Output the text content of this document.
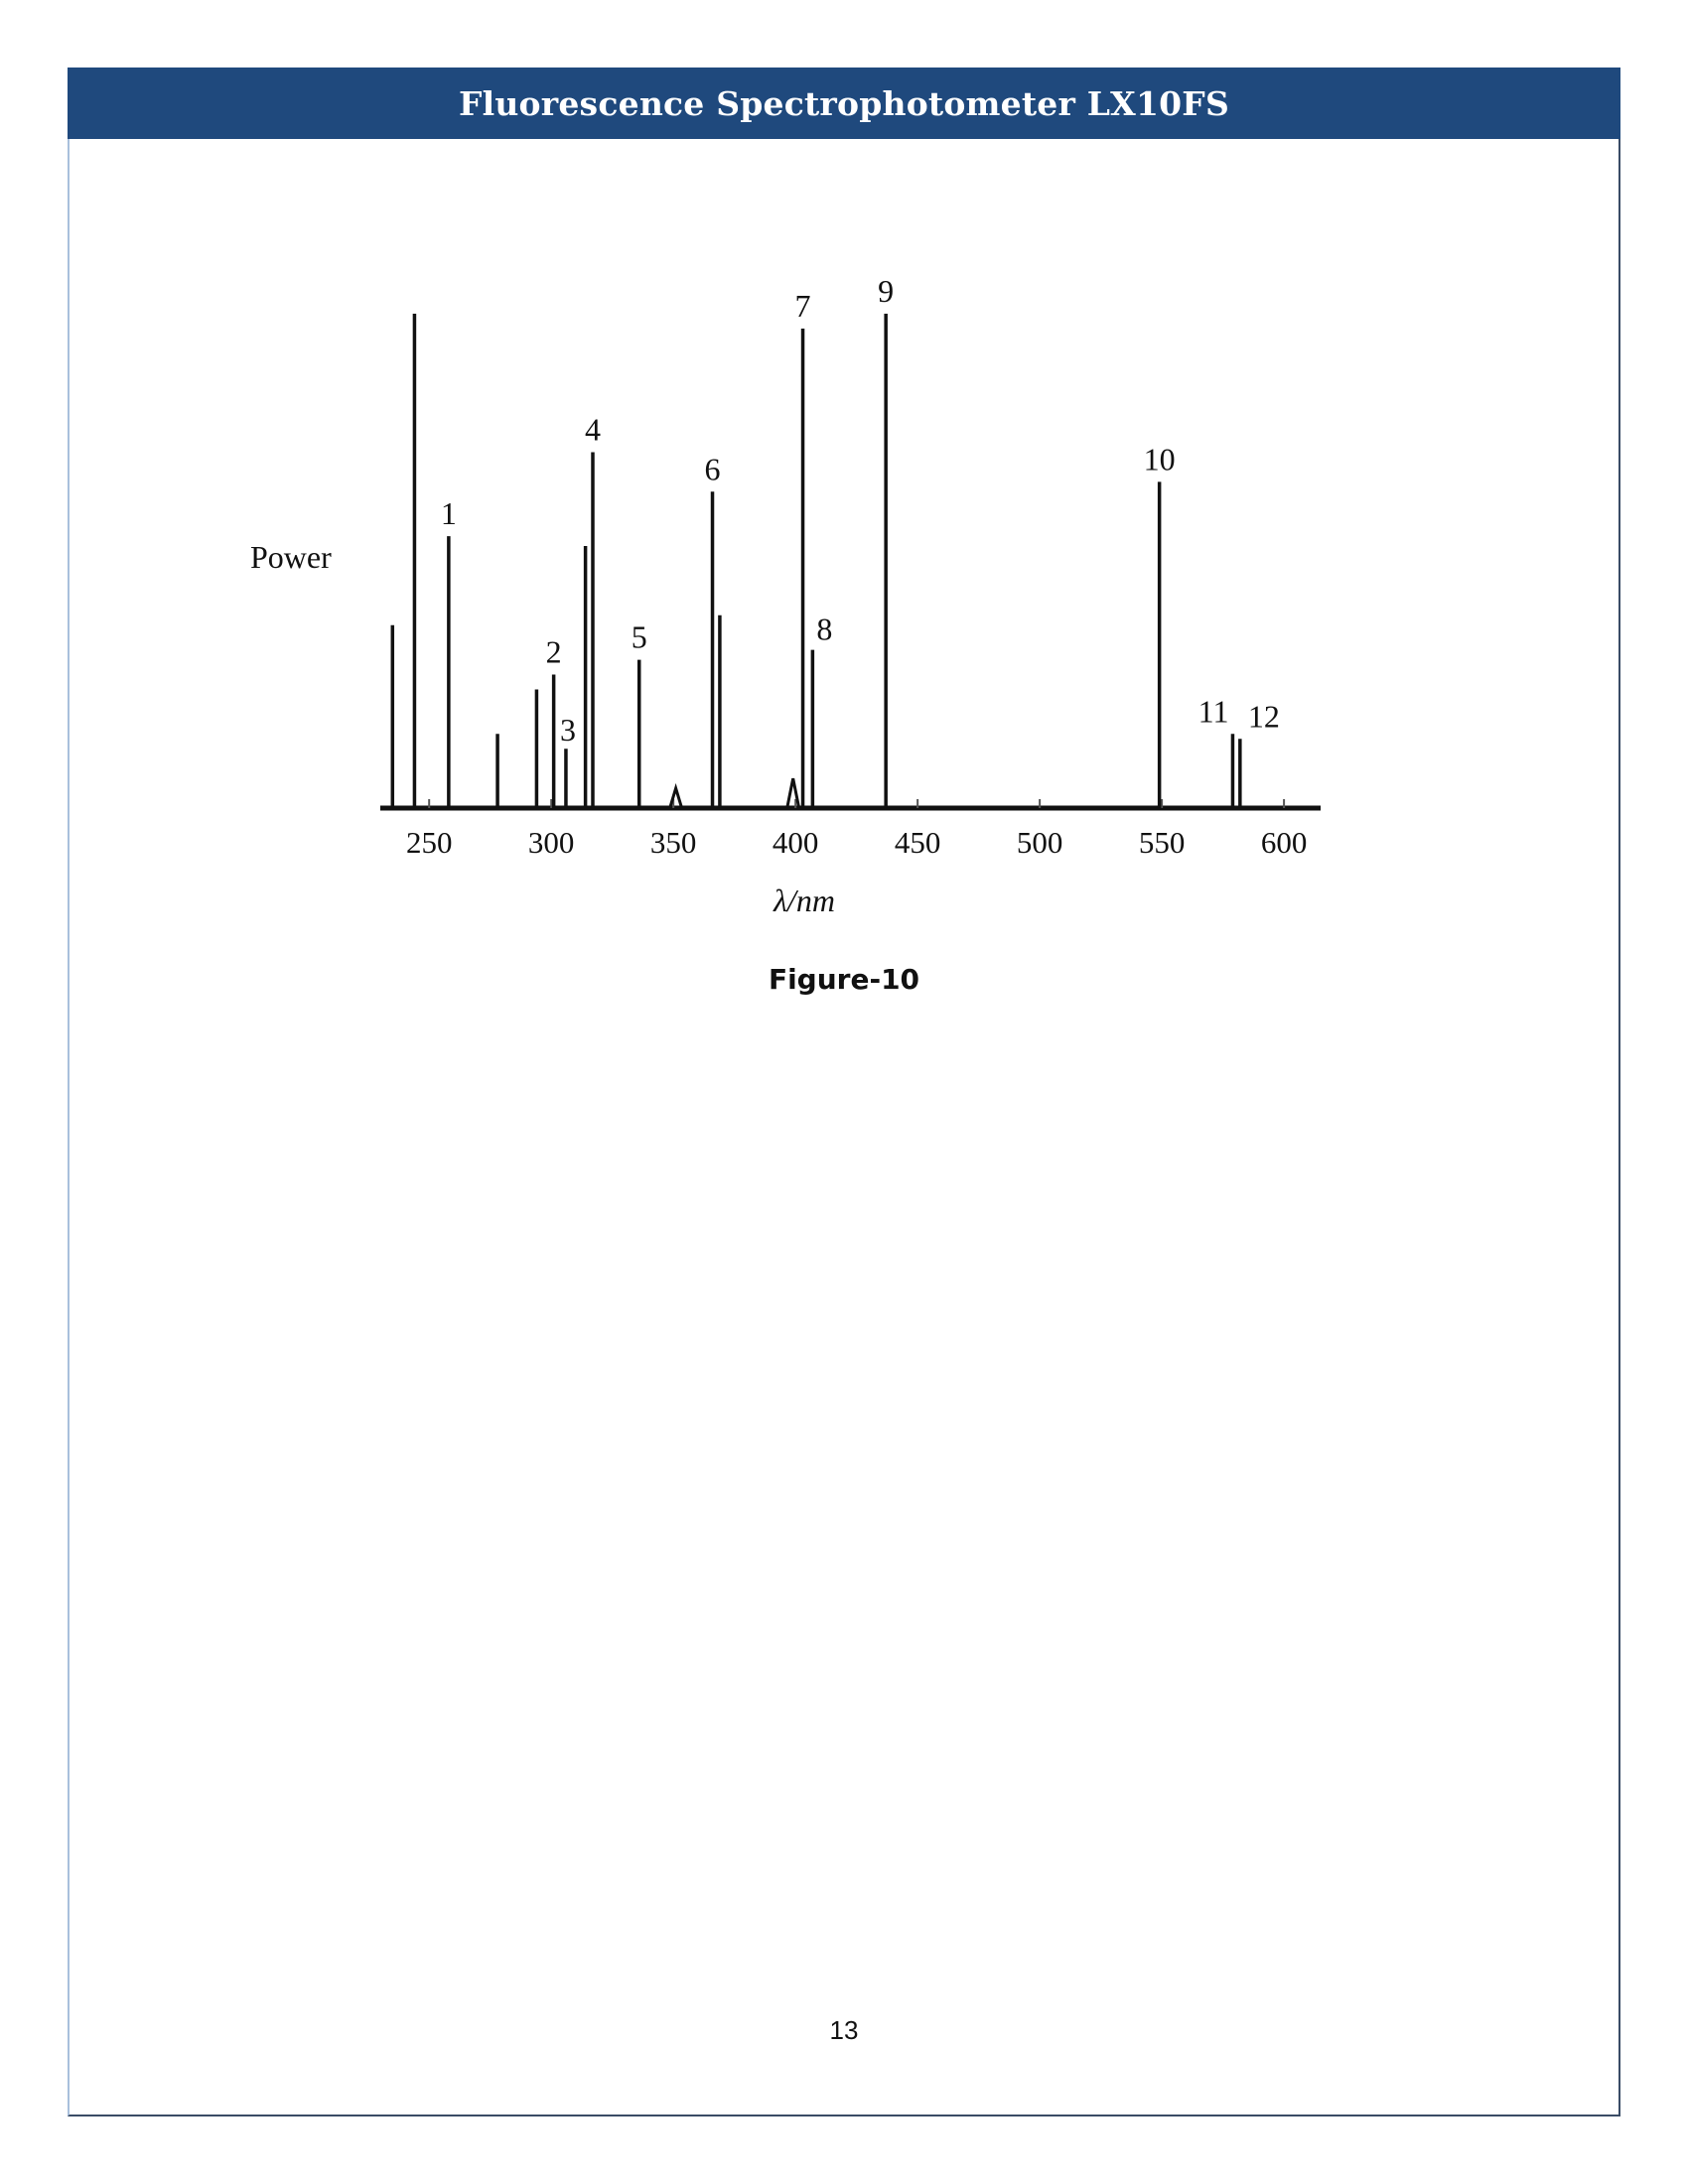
Fluorescence Spectrophotometer LX10FS
250 300 350 400 450 500 550 600
1
2
3
4
5
6
7
8
9
10
11 12
Power
λ/nm
Figure-10
13
